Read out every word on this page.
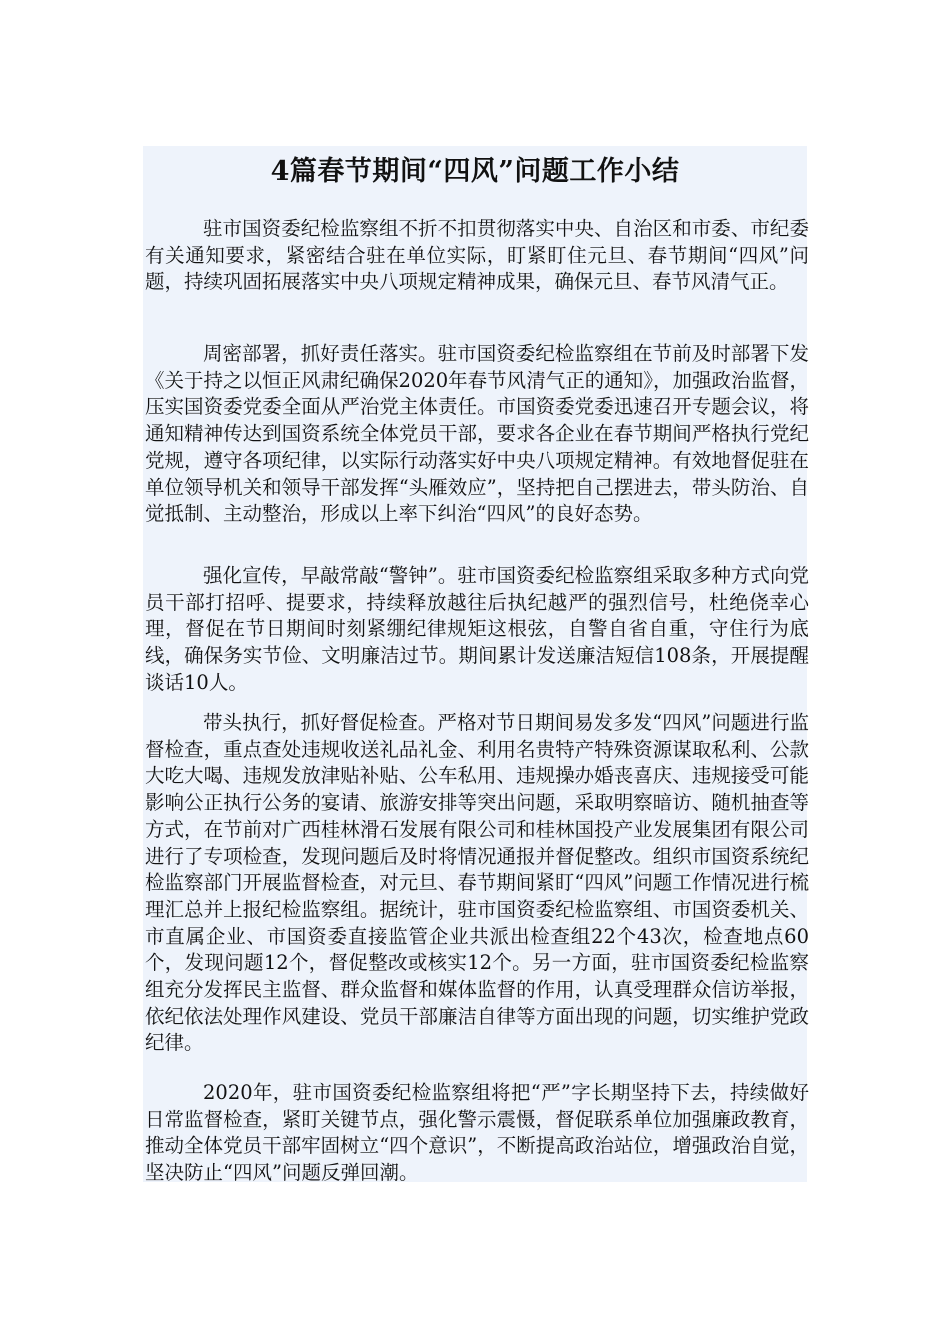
4篇春节期间“四风”问题工作小结

驻市国资委纪检监察组不折不扣贯彻落实中央、自治区和市委、市纪委有关通知要求，紧密结合驻在单位实际，盯紧盯住元旦、春节期间“四风”问题，持续巩固拓展落实中央八项规定精神成果，确保元旦、春节风清气正。

周密部署，抓好责任落实。驻市国资委纪检监察组在节前及时部署下发《关于持之以恒正风肃纪确保2020年春节风清气正的通知》，加强政治监督，压实国资委党委全面从严治党主体责任。市国资委党委迅速召开专题会议，将通知精神传达到国资系统全体党员干部，要求各企业在春节期间严格执行党纪党规，遵守各项纪律，以实际行动落实好中央八项规定精神。有效地督促驻在单位领导机关和领导干部发挥“头雁效应”，坚持把自己摆进去，带头防治、自觉抵制、主动整治，形成以上率下纠治“四风”的良好态势。

强化宣传，早敲常敲“警钟”。驻市国资委纪检监察组采取多种方式向党员干部打招呼、提要求，持续释放越往后执纪越严的强烈信号，杜绝侥幸心理，督促在节日期间时刻紧绷纪律规矩这根弦，自警自省自重，守住行为底线，确保务实节俭、文明廉洁过节。期间累计发送廉洁短信108条，开展提醒谈话10人。

带头执行，抓好督促检查。严格对节日期间易发多发“四风”问题进行监督检查，重点查处违规收送礼品礼金、利用名贵特产特殊资源谋取私利、公款大吃大喝、违规发放津贴补贴、公车私用、违规操办婚丧喜庆、违规接受可能影响公正执行公务的宴请、旅游安排等突出问题，采取明察暗访、随机抽查等方式，在节前对广西桂林滑石发展有限公司和桂林国投产业发展集团有限公司进行了专项检查，发现问题后及时将情况通报并督促整改。组织市国资系统纪检监察部门开展监督检查，对元旦、春节期间紧盯“四风”问题工作情况进行梳理汇总并上报纪检监察组。据统计，驻市国资委纪检监察组、市国资委机关、市直属企业、市国资委直接监管企业共派出检查组22个43次，检查地点60个，发现问题12个，督促整改或核实12个。另一方面，驻市国资委纪检监察组充分发挥民主监督、群众监督和媒体监督的作用，认真受理群众信访举报，依纪依法处理作风建设、党员干部廉洁自律等方面出现的问题，切实维护党政纪律。

2020年，驻市国资委纪检监察组将把“严”字长期坚持下去，持续做好日常监督检查，紧盯关键节点，强化警示震慑，督促联系单位加强廉政教育，推动全体党员干部牢固树立“四个意识”，不断提高政治站位，增强政治自觉，坚决防止“四风”问题反弹回潮。
